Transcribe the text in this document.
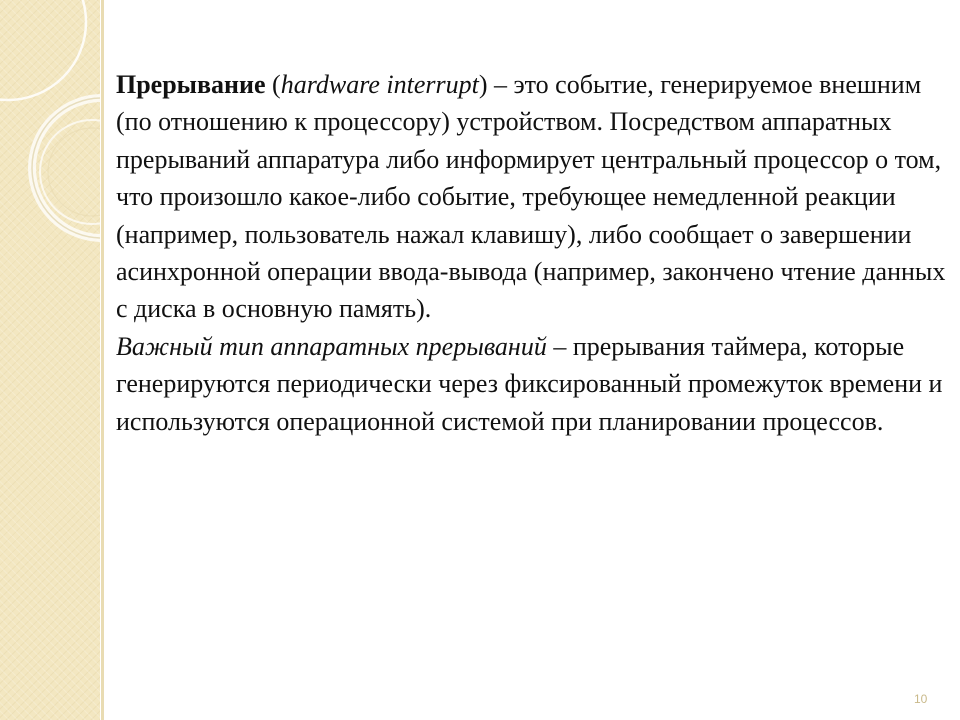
Прерывание (hardware interrupt) – это событие, генерируемое внешним (по отношению к процессору) устройством. Посредством аппаратных прерываний аппаратура либо информирует центральный процессор о том, что произошло какое-либо событие, требующее немедленной реакции (например, пользователь нажал клавишу), либо сообщает о завершении асинхронной операции ввода-вывода (например, закончено чтение данных с диска в основную память).

Важный тип аппаратных прерываний – прерывания таймера, которые генерируются периодически через фиксированный промежуток времени и используются операционной системой при планировании процессов.

10
